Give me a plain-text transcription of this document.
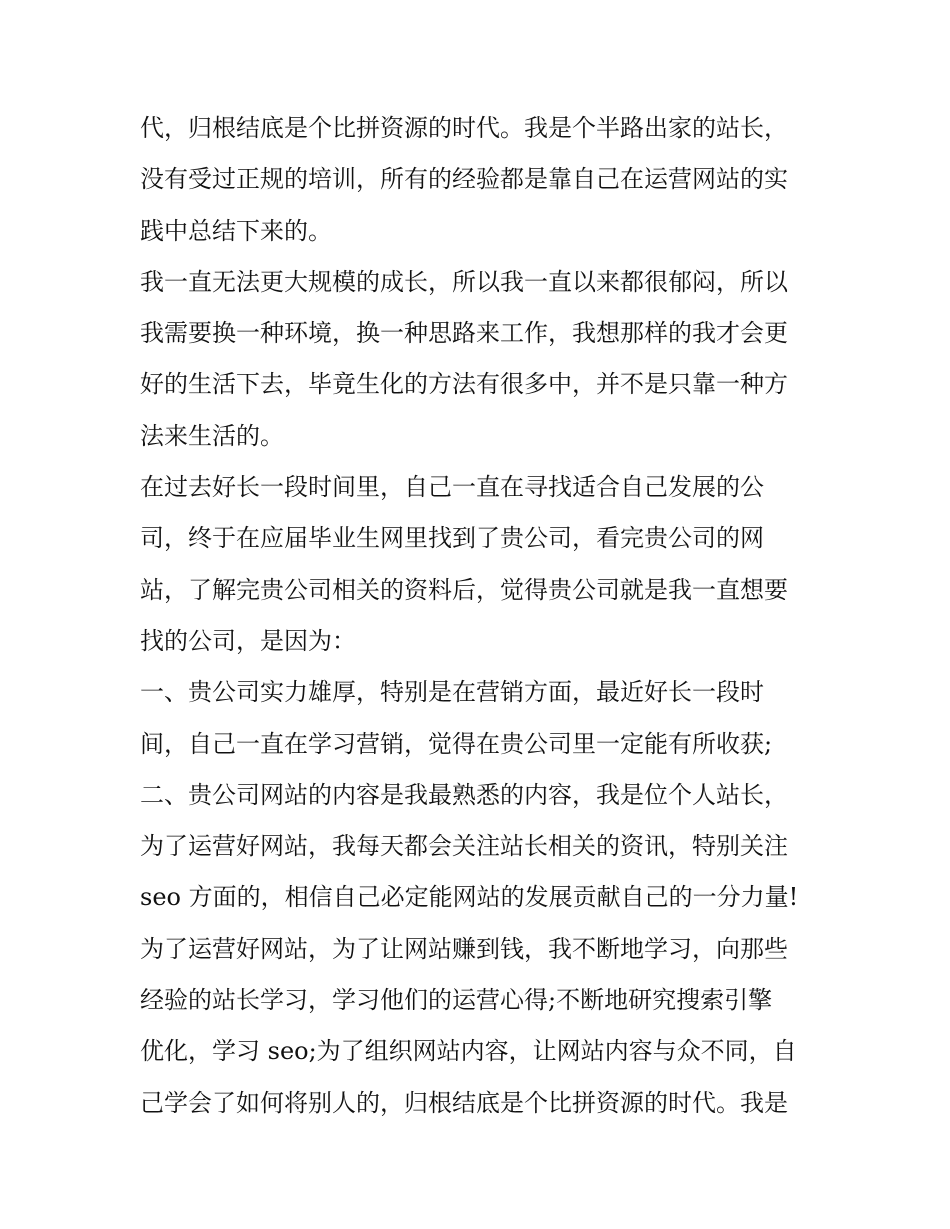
代，归根结底是个比拼资源的时代。我是个半路出家的站长，
没有受过正规的培训，所有的经验都是靠自己在运营网站的实
践中总结下来的。
我一直无法更大规模的成长，所以我一直以来都很郁闷，所以
我需要换一种环境，换一种思路来工作，我想那样的我才会更
好的生活下去，毕竟生化的方法有很多中，并不是只靠一种方
法来生活的。
在过去好长一段时间里，自己一直在寻找适合自己发展的公
司，终于在应届毕业生网里找到了贵公司，看完贵公司的网
站，了解完贵公司相关的资料后，觉得贵公司就是我一直想要
找的公司，是因为：
一、贵公司实力雄厚，特别是在营销方面，最近好长一段时
间，自己一直在学习营销，觉得在贵公司里一定能有所收获;
二、贵公司网站的内容是我最熟悉的内容，我是位个人站长，
为了运营好网站，我每天都会关注站长相关的资讯，特别关注
seo 方面的，相信自己必定能网站的发展贡献自己的一分力量!
为了运营好网站，为了让网站赚到钱，我不断地学习，向那些
经验的站长学习，学习他们的运营心得;不断地研究搜索引擎
优化，学习 seo;为了组织网站内容，让网站内容与众不同，自
己学会了如何将别人的，归根结底是个比拼资源的时代。我是
